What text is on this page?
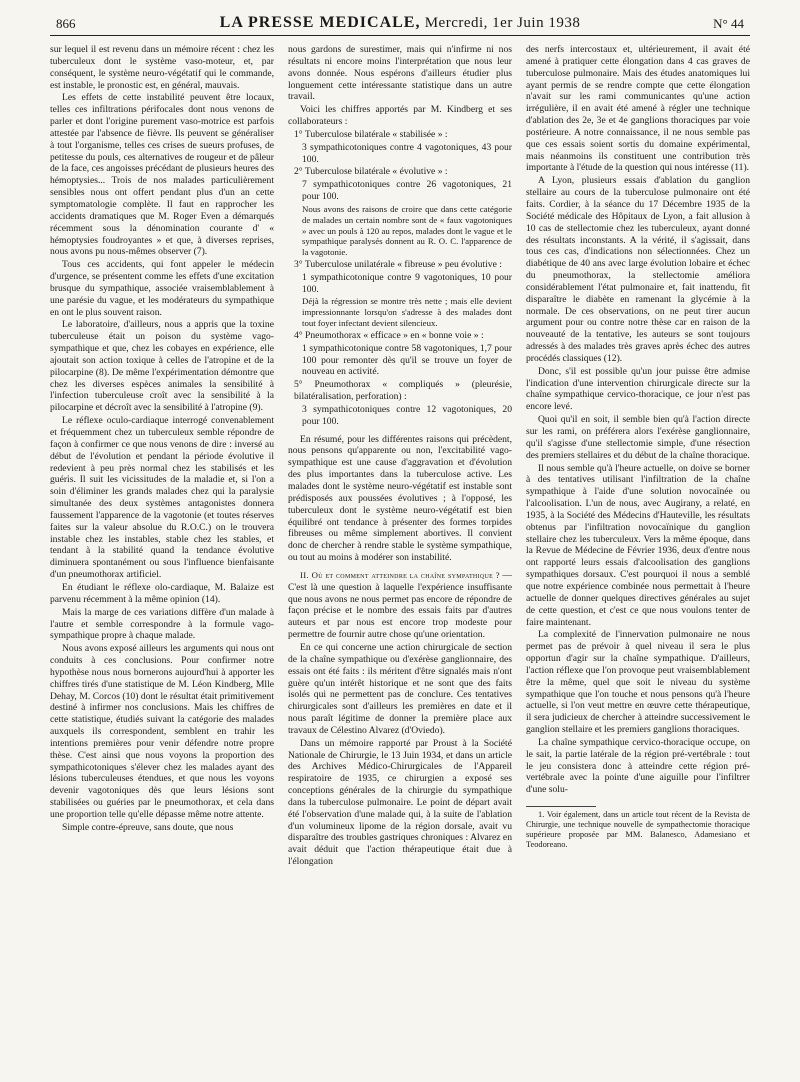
866	LA PRESSE MEDICALE, Mercredi, 1er Juin 1938	N° 44

sur lequel il est revenu dans un mémoire récent : chez les tuberculeux dont le système vaso-moteur, et, par conséquent, le système neuro-végétatif qui le commande, est instable, le pronostic est, en général, mauvais.

Les effets de cette instabilité peuvent être locaux, telles ces infiltrations périfocales dont nous venons de parler et dont l'origine purement vaso-motrice est parfois attestée par l'absence de fièvre. Ils peuvent se généraliser à tout l'organisme, telles ces crises de sueurs profuses, de petitesse du pouls, ces alternatives de rougeur et de pâleur de la face, ces angoisses précédant de plusieurs heures des hémoptysies... Trois de nos malades particulièrement sensibles nous ont offert pendant plus d'un an cette symptomatologie complète. Il faut en rapprocher les accidents dramatiques que M. Roger Even a démarqués récemment sous la dénomination courante d' « hémoptysies foudroyantes » et que, à diverses reprises, nous avons pu nous-mêmes observer (7).

Tous ces accidents, qui font appeler le médecin d'urgence, se présentent comme les effets d'une excitation brusque du sympathique, associée vraisemblablement à une parésie du vague, et les modérateurs du sympathique en ont le plus souvent raison.

Le laboratoire, d'ailleurs, nous a appris que la toxine tuberculeuse était un poison du système vago-sympathique et que, chez les cobayes en expérience, elle ajoutait son action toxique à celles de l'atropine et de la pilocarpine (8). De même l'expérimentation démontre que chez les diverses espèces animales la sensibilité à l'infection tuberculeuse croît avec la sensibilité à la pilocarpine et décroît avec la sensibilité à l'atropine (9).

Le réflexe oculo-cardiaque interrogé convenablement et fréquemment chez un tuberculeux semble répondre de façon à confirmer ce que nous venons de dire : inversé au début de l'évolution et pendant la période évolutive il redevient à peu près normal chez les stabilisés et les guéris. Il suit les vicissitudes de la maladie et, si l'on a soin d'éliminer les grands malades chez qui la paralysie simultanée des deux systèmes antagonistes donnera faussement l'apparence de la vagotonie (et toutes réserves faites sur la valeur absolue du R.O.C.) on le trouvera instable chez les instables, stable chez les stables, et tendant à la stabilité quand la tendance évolutive diminuera spontanément ou sous l'influence bienfaisante d'un pneumothorax artificiel.

En étudiant le réflexe olo-cardiaque, M. Balaize est parvenu récemment à la même opinion (14).

Mais la marge de ces variations diffère d'un malade à l'autre et semble correspondre à la formule vago-sympathique propre à chaque malade.

Nous avons exposé ailleurs les arguments qui nous ont conduits à ces conclusions. Pour confirmer notre hypothèse nous nous bornerons aujourd'hui à apporter les chiffres tirés d'une statistique de M. Léon Kindberg, Mlle Dehay, M. Corcos (10) dont le résultat était primitivement destiné à infirmer nos conclusions. Mais les chiffres de cette statistique, étudiés suivant la catégorie des malades auxquels ils correspondent, semblent en trahir les intentions premières pour venir défendre notre propre thèse. C'est ainsi que nous voyons la proportion des sympathicotoniques s'élever chez les malades ayant des lésions tuberculeuses étendues, et que nous les voyons devenir vagotoniques dès que leurs lésions sont stabilisées ou guéries par le pneumothorax, et cela dans une proportion telle qu'elle dépasse même notre attente.

Simple contre-épreuve, sans doute, que nous

nous gardons de surestimer, mais qui n'infirme ni nos résultats ni encore moins l'interprétation que nous leur avons donnée. Nous espérons d'ailleurs étudier plus longuement cette intéressante statistique dans un autre travail.

Voici les chiffres apportés par M. Kindberg et ses collaborateurs :

1° Tuberculose bilatérale « stabilisée » :

3 sympathicotoniques contre 4 vagotoniques, 43 pour 100.

2° Tuberculose bilatérale « évolutive » :

7 sympathicotoniques contre 26 vagotoniques, 21 pour 100.

Nous avons des raisons de croire que dans cette catégorie de malades un certain nombre sont de « faux vagotoniques » avec un pouls à 120 au repos, malades dont le vague et le sympathique paralysés donnent au R. O. C. l'apparence de la vagotonie.

3° Tuberculose unilatérale « fibreuse » peu évolutive :

1 sympathicotonique contre 9 vagotoniques, 10 pour 100.

Déjà la régression se montre très nette ; mais elle devient impressionnante lorsqu'on s'adresse à des malades dont tout foyer infectant devient silencieux.

4° Pneumothorax « efficace » en « bonne voie » :

1 sympathicotonique contre 58 vagotoniques, 1,7 pour 100 pour remonter dès qu'il se trouve un foyer de nouveau en activité.

5° Pneumothorax « compliqués » (pleurésie, bilatéralisation, perforation) :

3 sympathicotoniques contre 12 vagotoniques, 20 pour 100.

En résumé, pour les différentes raisons qui précèdent, nous pensons qu'apparente ou non, l'excitabilité vago-sympathique est une cause d'aggravation et d'évolution des plus importantes dans la tuberculose active. Les malades dont le système neuro-végétatif est instable sont prédisposés aux poussées évolutives ; à l'opposé, les tuberculeux dont le système neuro-végétatif est bien équilibré ont tendance à présenter des formes torpides fibreuses ou même simplement abortives. Il convient donc de chercher à rendre stable le système sympathique, ou tout au moins à modérer son instabilité.

II. Où et comment atteindre la chaîne sympathique ? — C'est là une question à laquelle l'expérience insuffisante que nous avons ne nous permet pas encore de répondre de façon précise et le nombre des essais faits par d'autres auteurs et par nous est encore trop modeste pour permettre de fournir autre chose qu'une orientation.

En ce qui concerne une action chirurgicale de section de la chaîne sympathique ou d'exérèse ganglionnaire, des essais ont été faits : ils méritent d'être signalés mais n'ont guère qu'un intérêt historique et ne sont que des faits isolés qui ne permettent pas de conclure. Ces tentatives chirurgicales sont d'ailleurs les premières en date et il nous paraît légitime de donner la première place aux travaux de Célestino Alvarez (d'Oviedo).

Dans un mémoire rapporté par Proust à la Société Nationale de Chirurgie, le 13 Juin 1934, et dans un article des Archives Médico-Chirurgicales de l'Appareil respiratoire de 1935, ce chirurgien a exposé ses conceptions générales de la chirurgie du sympathique dans la tuberculose pulmonaire. Le point de départ avait été l'observation d'une malade qui, à la suite de l'ablation d'un volumineux lipome de la région dorsale, avait vu disparaître des troubles gastriques chroniques : Alvarez en avait déduit que l'action thérapeutique était due à l'élongation

des nerfs intercostaux et, ultérieurement, il avait été amené à pratiquer cette élongation dans 4 cas graves de tuberculose pulmonaire. Mais des études anatomiques lui ayant permis de se rendre compte que cette élongation n'avait sur les rami communicantes qu'une action irrégulière, il en avait été amené à régler une technique d'ablation des 2e, 3e et 4e ganglions thoraciques par voie postérieure. A notre connaissance, il ne nous semble pas que ces essais soient sortis du domaine expérimental, mais néanmoins ils constituent une contribution très importante à l'étude de la question qui nous intéresse (11).

A Lyon, plusieurs essais d'ablation du ganglion stellaire au cours de la tuberculose pulmonaire ont été faits. Cordier, à la séance du 17 Décembre 1935 de la Société médicale des Hôpitaux de Lyon, a fait allusion à 10 cas de stellectomie chez les tuberculeux, ayant donné des résultats inconstants. A la vérité, il s'agissait, dans tous ces cas, d'indications non sélectionnées. Chez un diabétique de 40 ans avec large évolution lobaire et échec du pneumothorax, la stellectomie améliora considérablement l'état pulmonaire et, fait inattendu, fit disparaître le diabète en ramenant la glycémie à la normale. De ces observations, on ne peut tirer aucun argument pour ou contre notre thèse car en raison de la nouveauté de la tentative, les auteurs se sont toujours adressés à des malades très graves après échec des autres procédés classiques (12).

Donc, s'il est possible qu'un jour puisse être admise l'indication d'une intervention chirurgicale directe sur la chaîne sympathique cervico-thoracique, ce jour n'est pas encore levé.

Quoi qu'il en soit, il semble bien qu'à l'action directe sur les rami, on préférera alors l'exérèse ganglionnaire, qu'il s'agisse d'une stellectomie simple, d'une résection des premiers stellaires et du début de la chaîne thoracique.

Il nous semble qu'à l'heure actuelle, on doive se borner à des tentatives utilisant l'infiltration de la chaîne sympathique à l'aide d'une solution novocaïnée ou l'alcoolisation. L'un de nous, avec Augirany, a relaté, en 1935, à la Société des Médecins d'Hauteville, les résultats obtenus par l'infiltration novocaïnique du ganglion stellaire chez les tuberculeux. Vers la même époque, dans la Revue de Médecine de Février 1936, deux d'entre nous ont rapporté leurs essais d'alcoolisation des ganglions sympathiques dorsaux. C'est pourquoi il nous a semblé que notre expérience combinée nous permettait à l'heure actuelle de donner quelques directives générales au sujet de cette question, et c'est ce que nous voulons tenter de faire maintenant.

La complexité de l'innervation pulmonaire ne nous permet pas de prévoir à quel niveau il sera le plus opportun d'agir sur la chaîne sympathique. D'ailleurs, l'action réflexe que l'on provoque peut vraisemblablement être la même, quel que soit le niveau du système sympathique que l'on touche et nous pensons qu'à l'heure actuelle, si l'on veut mettre en œuvre cette thérapeutique, il sera judicieux de chercher à atteindre successivement le ganglion stellaire et les premiers ganglions thoraciques.

La chaîne sympathique cervico-thoracique occupe, on le sait, la partie latérale de la région pré-vertébrale : tout le jeu consistera donc à atteindre cette région pré-vertébrale avec la pointe d'une aiguille pour l'infiltrer d'une solu-

1. Voir également, dans un article tout récent de la Revista de Chirurgie, une technique nouvelle de sympathectomie thoracique supérieure proposée par MM. Balanesco, Adamesiano et Teodoreano.
